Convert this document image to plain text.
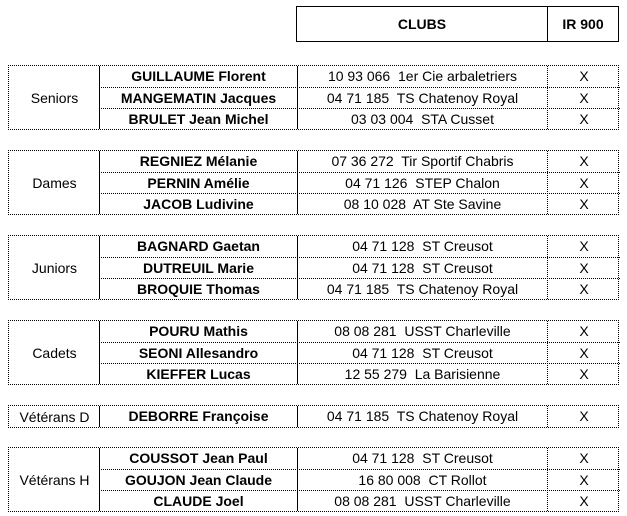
CLUBS	IR 900
Seniors
GUILLAUME Florent	10 93 066  1er Cie arbaletriers	X
MANGEMATIN Jacques	04 71 185  TS Chatenoy Royal	X
BRULET Jean Michel	03 03 004  STA Cusset	X
Dames
REGNIEZ Mélanie	07 36 272  Tir Sportif Chabris	X
PERNIN Amélie	04 71 126  STEP Chalon	X
JACOB Ludivine	08 10 028  AT Ste Savine	X
Juniors
BAGNARD Gaetan	04 71 128  ST Creusot	X
DUTREUIL Marie	04 71 128  ST Creusot	X
BROQUIE Thomas	04 71 185  TS Chatenoy Royal	X
Cadets
POURU Mathis	08 08 281  USST Charleville	X
SEONI Allesandro	04 71 128  ST Creusot	X
KIEFFER Lucas	12 55 279  La Barisienne	X
Vétérans D	DEBORRE Françoise	04 71 185  TS Chatenoy Royal	X
Vétérans H
COUSSOT Jean Paul	04 71 128  ST Creusot	X
GOUJON Jean Claude	16 80 008  CT Rollot	X
CLAUDE Joel	08 08 281  USST Charleville	X
